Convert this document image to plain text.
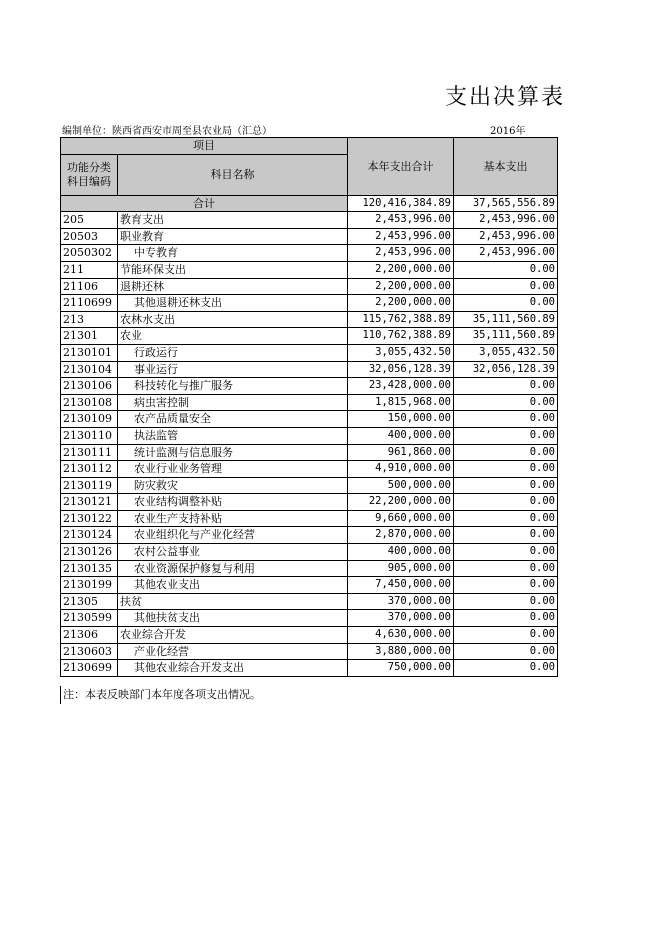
支出决算表
编制单位：陕西省西安市周至县农业局（汇总）	2016年
项目		本年支出合计	基本支出

功能分类
科目编码	科目名称		
合计		120,416,384.89	37,565,556.89
205	教育支出	2,453,996.00	2,453,996.00
20503	职业教育	2,453,996.00	2,453,996.00
2050302	中专教育	2,453,996.00	2,453,996.00
211	节能环保支出	2,200,000.00	0.00
21106	退耕还林	2,200,000.00	0.00
2110699	其他退耕还林支出	2,200,000.00	0.00
213	农林水支出	115,762,388.89	35,111,560.89
21301	农业	110,762,388.89	35,111,560.89
2130101	行政运行	3,055,432.50	3,055,432.50
2130104	事业运行	32,056,128.39	32,056,128.39
2130106	科技转化与推广服务	23,428,000.00	0.00
2130108	病虫害控制	1,815,968.00	0.00
2130109	农产品质量安全	150,000.00	0.00
2130110	执法监管	400,000.00	0.00
2130111	统计监测与信息服务	961,860.00	0.00
2130112	农业行业业务管理	4,910,000.00	0.00
2130119	防灾救灾	500,000.00	0.00
2130121	农业结构调整补贴	22,200,000.00	0.00
2130122	农业生产支持补贴	9,660,000.00	0.00
2130124	农业组织化与产业化经营	2,870,000.00	0.00
2130126	农村公益事业	400,000.00	0.00
2130135	农业资源保护修复与利用	905,000.00	0.00
2130199	其他农业支出	7,450,000.00	0.00
21305	扶贫	370,000.00	0.00
2130599	其他扶贫支出	370,000.00	0.00
21306	农业综合开发	4,630,000.00	0.00
2130603	产业化经营	3,880,000.00	0.00
2130699	其他农业综合开发支出	750,000.00	0.00
注：本表反映部门本年度各项支出情况。
